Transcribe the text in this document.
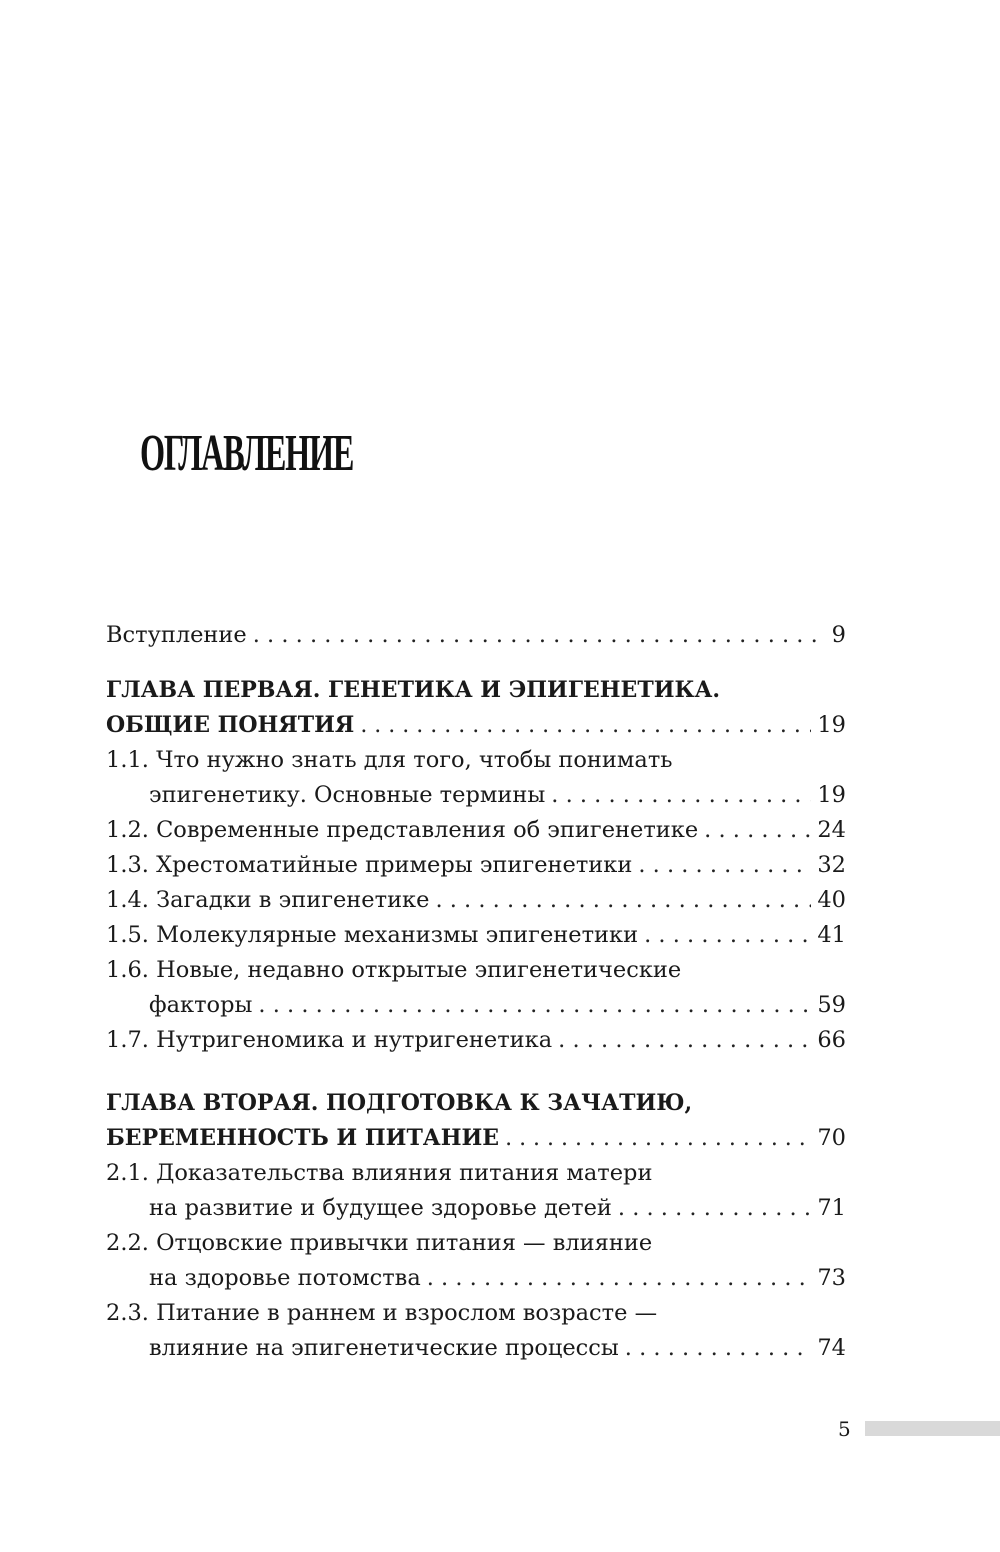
ОГЛАВЛЕНИЕ
Вступление . . .	9
ГЛАВА ПЕРВАЯ. ГЕНЕТИКА И ЭПИГЕНЕТИКА.
ОБЩИЕ ПОНЯТИЯ . . .	19
1.1. Что нужно знать для того, чтобы понимать
эпигенетику. Основные термины . . .	19
1.2. Современные представления об эпигенетике . . .	24
1.3. Хрестоматийные примеры эпигенетики . . .	32
1.4. Загадки в эпигенетике . . .	40
1.5. Молекулярные механизмы эпигенетики . . .	41
1.6. Новые, недавно открытые эпигенетические
факторы . . .	59
1.7. Нутригеномика и нутригенетика . . .	66
ГЛАВА ВТОРАЯ. ПОДГОТОВКА К ЗАЧАТИЮ,
БЕРЕМЕННОСТЬ И ПИТАНИЕ . . .	70
2.1. Доказательства влияния питания матери
на развитие и будущее здоровье детей . . .	71
2.2. Отцовские привычки питания — влияние
на здоровье потомства . . .	73
2.3. Питание в раннем и взрослом возрасте —
влияние на эпигенетические процессы . . .	74
5
